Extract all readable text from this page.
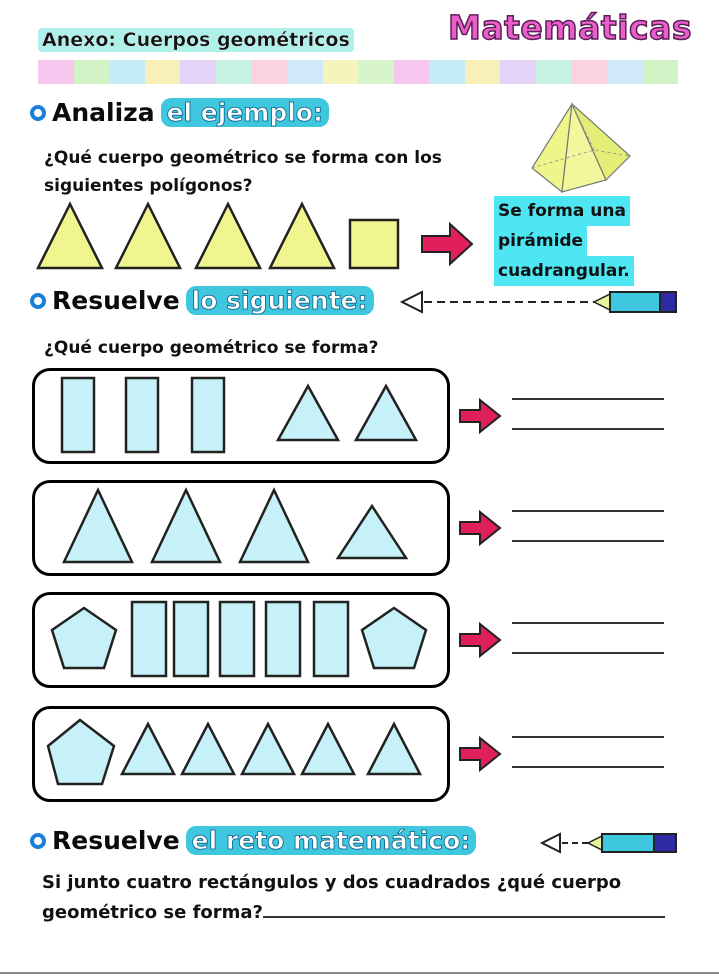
Anexo: Cuerpos geométricos	Matemáticas
Analiza el ejemplo:
¿Qué cuerpo geométrico se forma con los
siguientes polígonos?
Se forma una
pirámide
cuadrangular.
Resuelve lo siguiente:
¿Qué cuerpo geométrico se forma?
Resuelve el reto matemático:
Si junto cuatro rectángulos y dos cuadrados ¿qué cuerpo
geométrico se forma?
